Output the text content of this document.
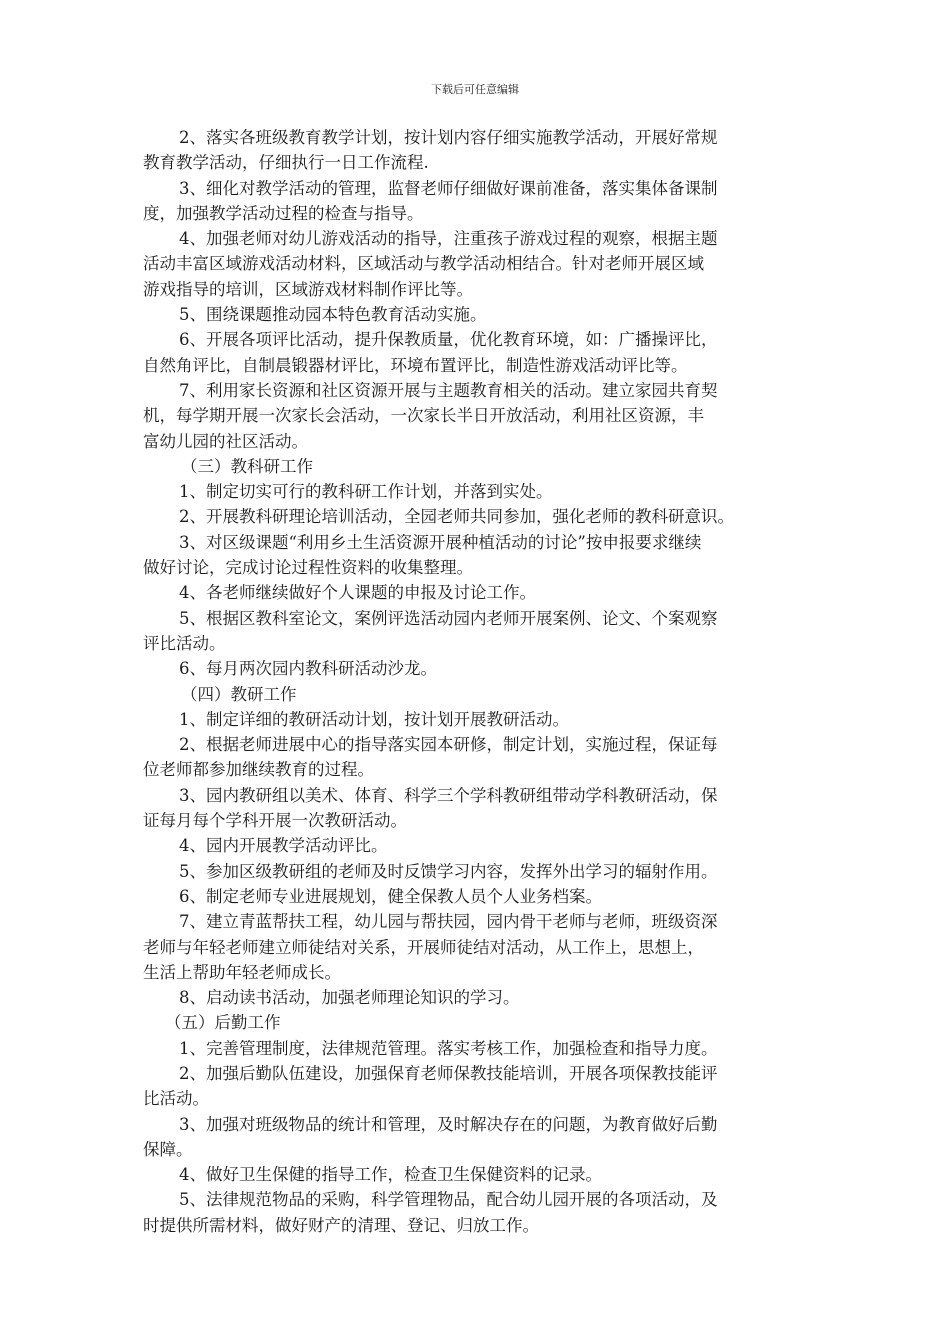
下载后可任意编辑
2、落实各班级教育教学计划，按计划内容仔细实施教学活动，开展好常规
教育教学活动，仔细执行一日工作流程.
3、细化对教学活动的管理，监督老师仔细做好课前准备，落实集体备课制
度，加强教学活动过程的检查与指导。
4、加强老师对幼儿游戏活动的指导，注重孩子游戏过程的观察，根据主题
活动丰富区域游戏活动材料，区域活动与教学活动相结合。针对老师开展区域
游戏指导的培训，区域游戏材料制作评比等。
5、围绕课题推动园本特色教育活动实施。
6、开展各项评比活动，提升保教质量，优化教育环境，如：广播操评比，
自然角评比，自制晨锻器材评比，环境布置评比，制造性游戏活动评比等。
7、利用家长资源和社区资源开展与主题教育相关的活动。建立家园共育契
机，每学期开展一次家长会活动，一次家长半日开放活动，利用社区资源，丰
富幼儿园的社区活动。
（三）教科研工作
1、制定切实可行的教科研工作计划，并落到实处。
2、开展教科研理论培训活动，全园老师共同参加，强化老师的教科研意识。
3、对区级课题“利用乡土生活资源开展种植活动的讨论”按申报要求继续
做好讨论，完成讨论过程性资料的收集整理。
4、各老师继续做好个人课题的申报及讨论工作。
5、根据区教科室论文，案例评选活动园内老师开展案例、论文、个案观察
评比活动。
6、每月两次园内教科研活动沙龙。
（四）教研工作
1、制定详细的教研活动计划，按计划开展教研活动。
2、根据老师进展中心的指导落实园本研修，制定计划，实施过程，保证每
位老师都参加继续教育的过程。
3、园内教研组以美术、体育、科学三个学科教研组带动学科教研活动，保
证每月每个学科开展一次教研活动。
4、园内开展教学活动评比。
5、参加区级教研组的老师及时反馈学习内容，发挥外出学习的辐射作用。
6、制定老师专业进展规划，健全保教人员个人业务档案。
7、建立青蓝帮扶工程，幼儿园与帮扶园，园内骨干老师与老师，班级资深
老师与年轻老师建立师徒结对关系，开展师徒结对活动，从工作上，思想上，
生活上帮助年轻老师成长。
8、启动读书活动，加强老师理论知识的学习。
（五）后勤工作
1、完善管理制度，法律规范管理。落实考核工作，加强检查和指导力度。
2、加强后勤队伍建设，加强保育老师保教技能培训，开展各项保教技能评
比活动。
3、加强对班级物品的统计和管理，及时解决存在的问题，为教育做好后勤
保障。
4、做好卫生保健的指导工作，检查卫生保健资料的记录。
5、法律规范物品的采购，科学管理物品，配合幼儿园开展的各项活动，及
时提供所需材料，做好财产的清理、登记、归放工作。
